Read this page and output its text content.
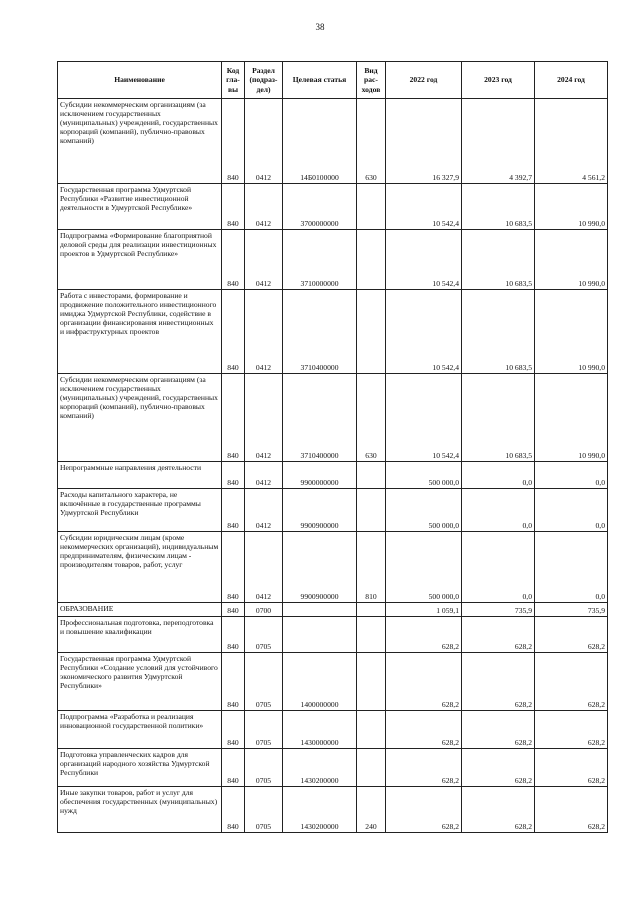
38
Наименование	Код гла- вы	Раздел (подраз- дел)	Целевая статья	Вид рас- ходов	2022 год	2023 год	2024 год
Субсидии некоммерческим организациям (за исключением государственных (муниципальных) учреждений, государственных корпораций (компаний), публично-правовых компаний)	840	0412	14Б0100000	630	16 327,9	4 392,7	4 561,2
Государственная программа Удмуртской Республики «Развитие инвестиционной деятельности в Удмуртской Республике»	840	0412	3700000000		10 542,4	10 683,5	10 990,0
Подпрограмма «Формирование благоприятной деловой среды для реализации инвестиционных проектов в Удмуртской Республике»	840	0412	3710000000		10 542,4	10 683,5	10 990,0
Работа с инвесторами, формирование и продвижение положительного инвестиционного имиджа Удмуртской Республики, содействие в организации финансирования инвестиционных и инфраструктурных проектов	840	0412	3710400000		10 542,4	10 683,5	10 990,0
Субсидии некоммерческим организациям (за исключением государственных (муниципальных) учреждений, государственных корпораций (компаний), публично-правовых компаний)	840	0412	3710400000	630	10 542,4	10 683,5	10 990,0
Непрограммные направления деятельности	840	0412	9900000000		500 000,0	0,0	0,0
Расходы капитального характера, не включённые в государственные программы Удмуртской Республики	840	0412	9900900000		500 000,0	0,0	0,0
Субсидии юридическим лицам (кроме некоммерческих организаций), индивидуальным предпринимателям, физическим лицам - производителям товаров, работ, услуг	840	0412	9900900000	810	500 000,0	0,0	0,0
ОБРАЗОВАНИЕ	840	0700			1 059,1	735,9	735,9
Профессиональная подготовка, переподготовка и повышение квалификации	840	0705			628,2	628,2	628,2
Государственная программа Удмуртской Республики «Создание условий для устойчивого экономического развития Удмуртской Республики»	840	0705	1400000000		628,2	628,2	628,2
Подпрограмма «Разработка и реализация инновационной государственной политики»	840	0705	1430000000		628,2	628,2	628,2
Подготовка управленческих кадров для организаций народного хозяйства Удмуртской Республики	840	0705	1430200000		628,2	628,2	628,2
Иные закупки товаров, работ и услуг для обеспечения государственных (муниципальных) нужд	840	0705	1430200000	240	628,2	628,2	628,2
